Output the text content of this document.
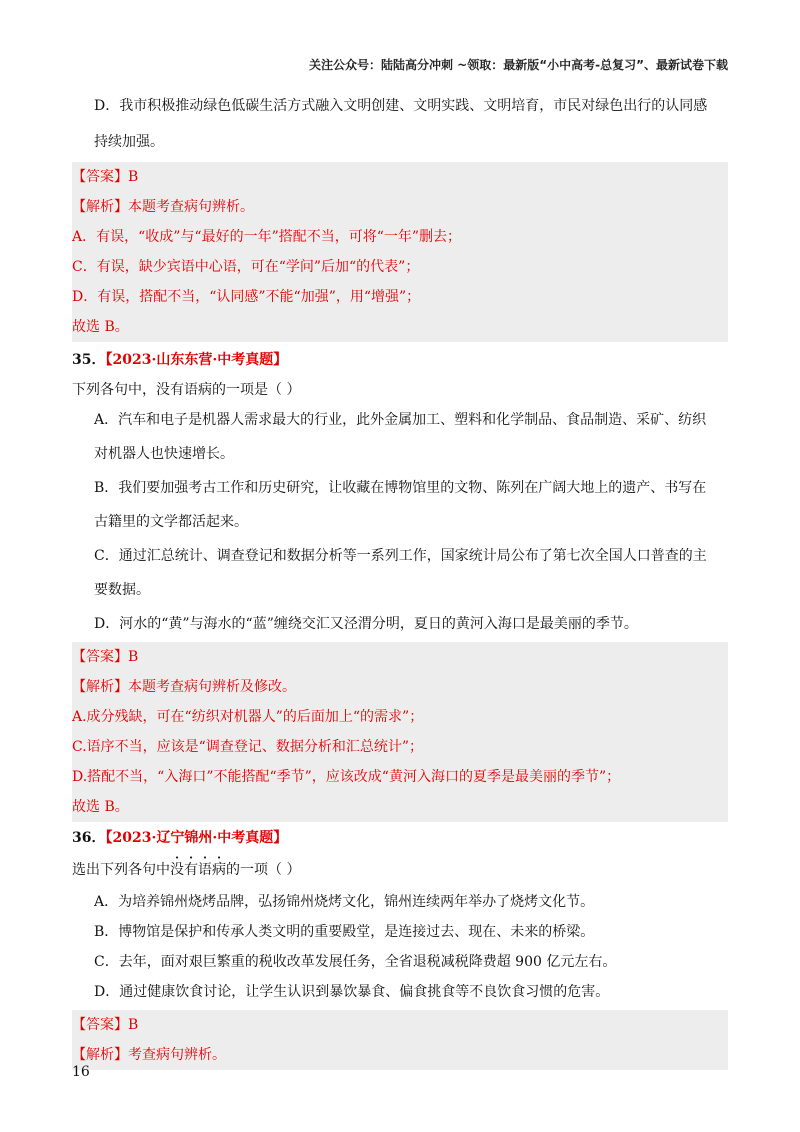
关注公众号：陆陆高分冲刺 ~领取：最新版“小中高考-总复习”、最新试卷下载
D．我市积极推动绿色低碳生活方式融入文明创建、文明实践、文明培育，市民对绿色出行的认同感
持续加强。
【答案】B
【解析】本题考查病句辨析。
A．有误，“收成”与“最好的一年”搭配不当，可将“一年”删去；
C．有误，缺少宾语中心语，可在“学问”后加“的代表”；
D．有误，搭配不当，“认同感”不能“加强”，用“增强”；
故选 B。
35．【2023·山东东营·中考真题】
下列各句中，没有语病的一项是（ ）
A．汽车和电子是机器人需求最大的行业，此外金属加工、塑料和化学制品、食品制造、采矿、纺织
对机器人也快速增长。
B．我们要加强考古工作和历史研究，让收藏在博物馆里的文物、陈列在广阔大地上的遗产、书写在
古籍里的文学都活起来。
C．通过汇总统计、调查登记和数据分析等一系列工作，国家统计局公布了第七次全国人口普查的主
要数据。
D．河水的“黄”与海水的“蓝”缠绕交汇又泾渭分明，夏日的黄河入海口是最美丽的季节。
【答案】B
【解析】本题考查病句辨析及修改。
A.成分残缺，可在“纺织对机器人”的后面加上“的需求”；
C.语序不当，应该是“调查登记、数据分析和汇总统计”；
D.搭配不当，“入海口”不能搭配“季节”，应该改成“黄河入海口的夏季是最美丽的季节”；
故选 B。
36．【2023·辽宁锦州·中考真题】
选出下列各句中没有语病的一项（ ）
A．为培养锦州烧烤品牌，弘扬锦州烧烤文化，锦州连续两年举办了烧烤文化节。
B．博物馆是保护和传承人类文明的重要殿堂，是连接过去、现在、未来的桥梁。
C．去年，面对艰巨繁重的税收改革发展任务，全省退税减税降费超 900 亿元左右。
D．通过健康饮食讨论，让学生认识到暴饮暴食、偏食挑食等不良饮食习惯的危害。
【答案】B
【解析】考查病句辨析。
16
